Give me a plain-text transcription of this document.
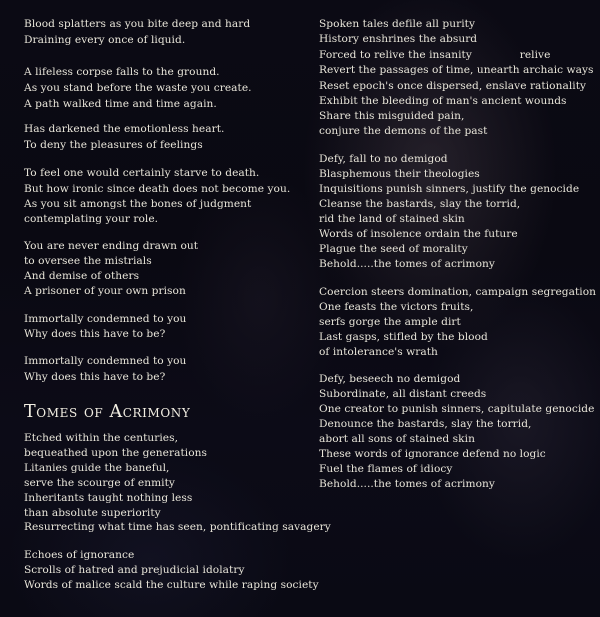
Blood splatters as you bite deep and hard
Draining every once of liquid.
A lifeless corpse falls to the ground.
As you stand before the waste you create.
A path walked time and time again.
Has darkened the emotionless heart.
To deny the pleasures of feelings
To feel one would certainly starve to death.
But how ironic since death does not become you.
As you sit amongst the bones of judgment
contemplating your role.
You are never ending drawn out
to oversee the mistrials
And demise of others
A prisoner of your own prison
Immortally condemned to you
Why does this have to be?
Immortally condemned to you
Why does this have to be?
Tomes of Acrimony
Etched within the centuries,
bequeathed upon the generations
Litanies guide the baneful,
serve the scourge of enmity
Inheritants taught nothing less
than absolute superiority
Resurrecting what time has seen, pontificating savagery
Echoes of ignorance
Scrolls of hatred and prejudicial idolatry
Words of malice scald the culture while raping society
Spoken tales defile all purity
History enshrines the absurd
Forced to relive the insanity              relive
Revert the passages of time, unearth archaic ways
Reset epoch's once dispersed, enslave rationality
Exhibit the bleeding of man's ancient wounds
Share this misguided pain,
conjure the demons of the past
Defy, fall to no demigod
Blasphemous their theologies
Inquisitions punish sinners, justify the genocide
Cleanse the bastards, slay the torrid,
rid the land of stained skin
Words of insolence ordain the future
Plague the seed of morality
Behold.....the tomes of acrimony
Coercion steers domination, campaign segregation
One feasts the victors fruits,
serfs gorge the ample dirt
Last gasps, stifled by the blood
of intolerance's wrath
Defy, beseech no demigod
Subordinate, all distant creeds
One creator to punish sinners, capitulate genocide
Denounce the bastards, slay the torrid,
abort all sons of stained skin
These words of ignorance defend no logic
Fuel the flames of idiocy
Behold.....the tomes of acrimony
